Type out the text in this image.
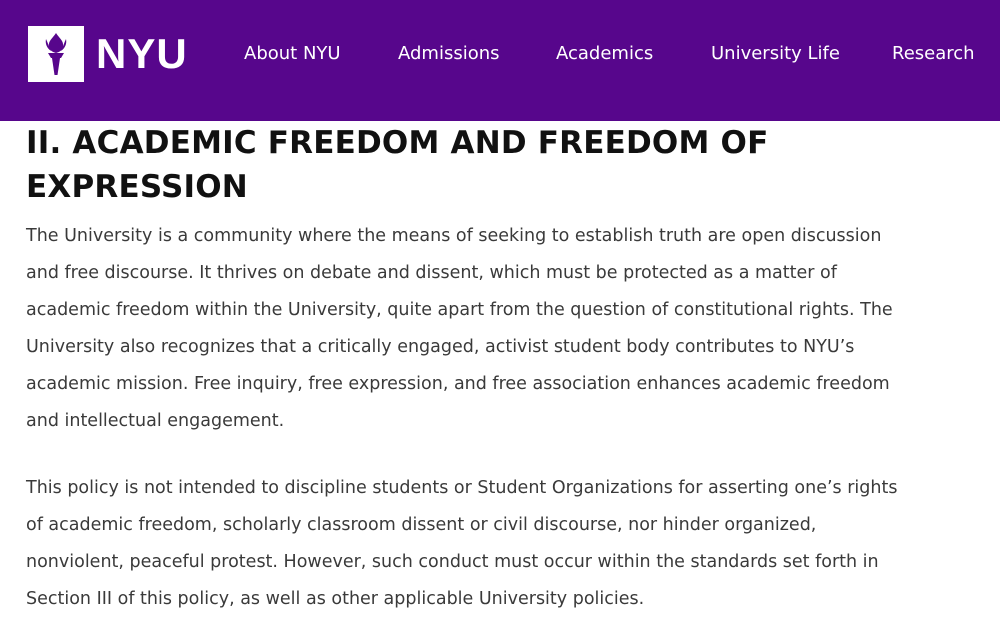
NYU	About NYU	Admissions	Academics	University Life	Research
II. ACADEMIC FREEDOM AND FREEDOM OF EXPRESSION

The University is a community where the means of seeking to establish truth are open discussion and free discourse. It thrives on debate and dissent, which must be protected as a matter of academic freedom within the University, quite apart from the question of constitutional rights. The University also recognizes that a critically engaged, activist student body contributes to NYU’s academic mission. Free inquiry, free expression, and free association enhances academic freedom and intellectual engagement.

This policy is not intended to discipline students or Student Organizations for asserting one’s rights of academic freedom, scholarly classroom dissent or civil discourse, nor hinder organized, nonviolent, peaceful protest. However, such conduct must occur within the standards set forth in Section III of this policy, as well as other applicable University policies.
